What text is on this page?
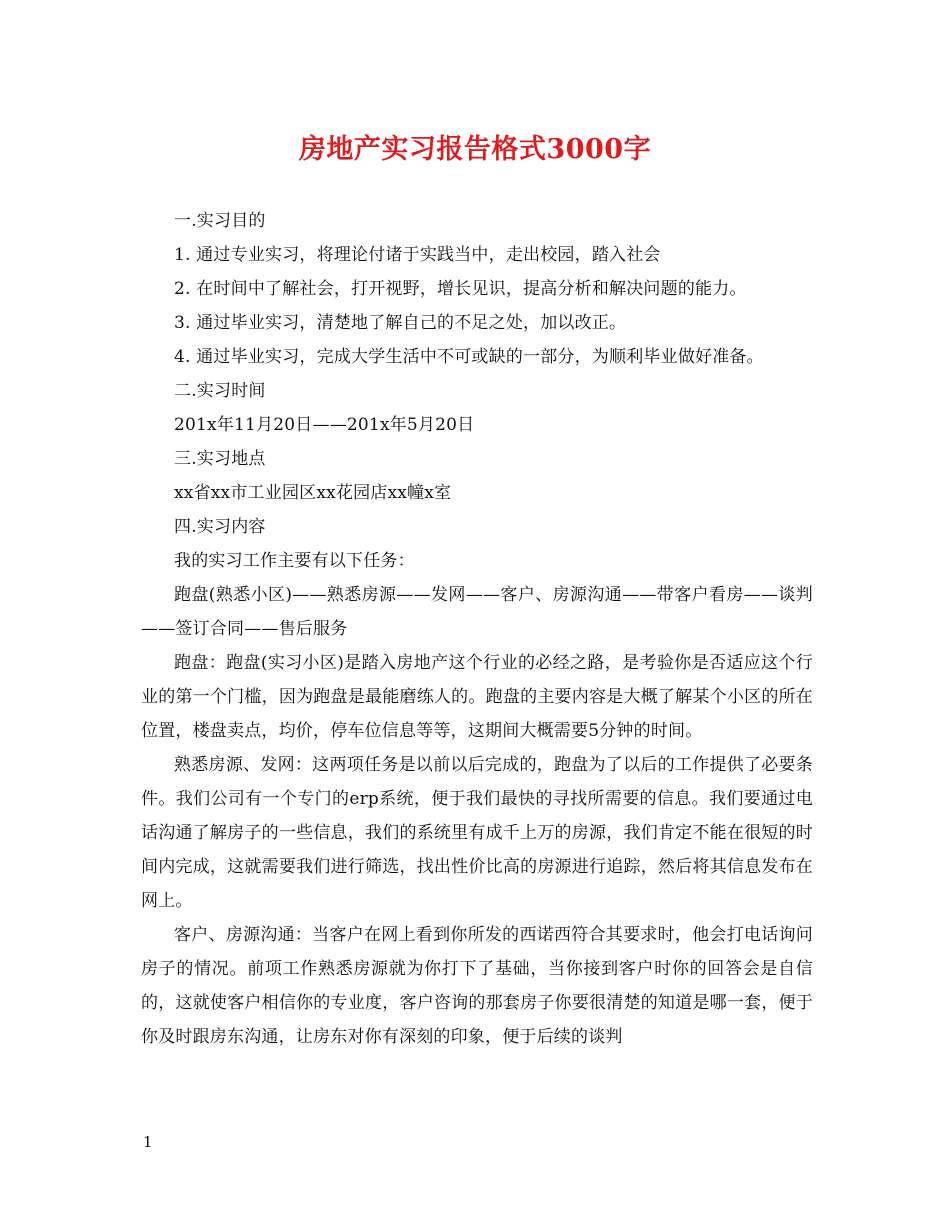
房地产实习报告格式3000字

一.实习目的

1. 通过专业实习，将理论付诸于实践当中，走出校园，踏入社会

2. 在时间中了解社会，打开视野，增长见识，提高分析和解决问题的能力。

3. 通过毕业实习，清楚地了解自己的不足之处，加以改正。

4. 通过毕业实习，完成大学生活中不可或缺的一部分，为顺利毕业做好准备。

二.实习时间

201x年11月20日——201x年5月20日

三.实习地点

xx省xx市工业园区xx花园店xx幢x室

四.实习内容

我的实习工作主要有以下任务：

跑盘(熟悉小区)——熟悉房源——发网——客户、房源沟通——带客户看房——谈判——签订合同——售后服务

跑盘：跑盘(实习小区)是踏入房地产这个行业的必经之路，是考验你是否适应这个行业的第一个门槛，因为跑盘是最能磨练人的。跑盘的主要内容是大概了解某个小区的所在位置，楼盘卖点，均价，停车位信息等等，这期间大概需要5分钟的时间。

熟悉房源、发网：这两项任务是以前以后完成的，跑盘为了以后的工作提供了必要条件。我们公司有一个专门的erp系统，便于我们最快的寻找所需要的信息。我们要通过电话沟通了解房子的一些信息，我们的系统里有成千上万的房源，我们肯定不能在很短的时间内完成，这就需要我们进行筛选，找出性价比高的房源进行追踪，然后将其信息发布在网上。

客户、房源沟通：当客户在网上看到你所发的西诺西符合其要求时，他会打电话询问房子的情况。前项工作熟悉房源就为你打下了基础，当你接到客户时你的回答会是自信的，这就使客户相信你的专业度，客户咨询的那套房子你要很清楚的知道是哪一套，便于你及时跟房东沟通，让房东对你有深刻的印象，便于后续的谈判

1
